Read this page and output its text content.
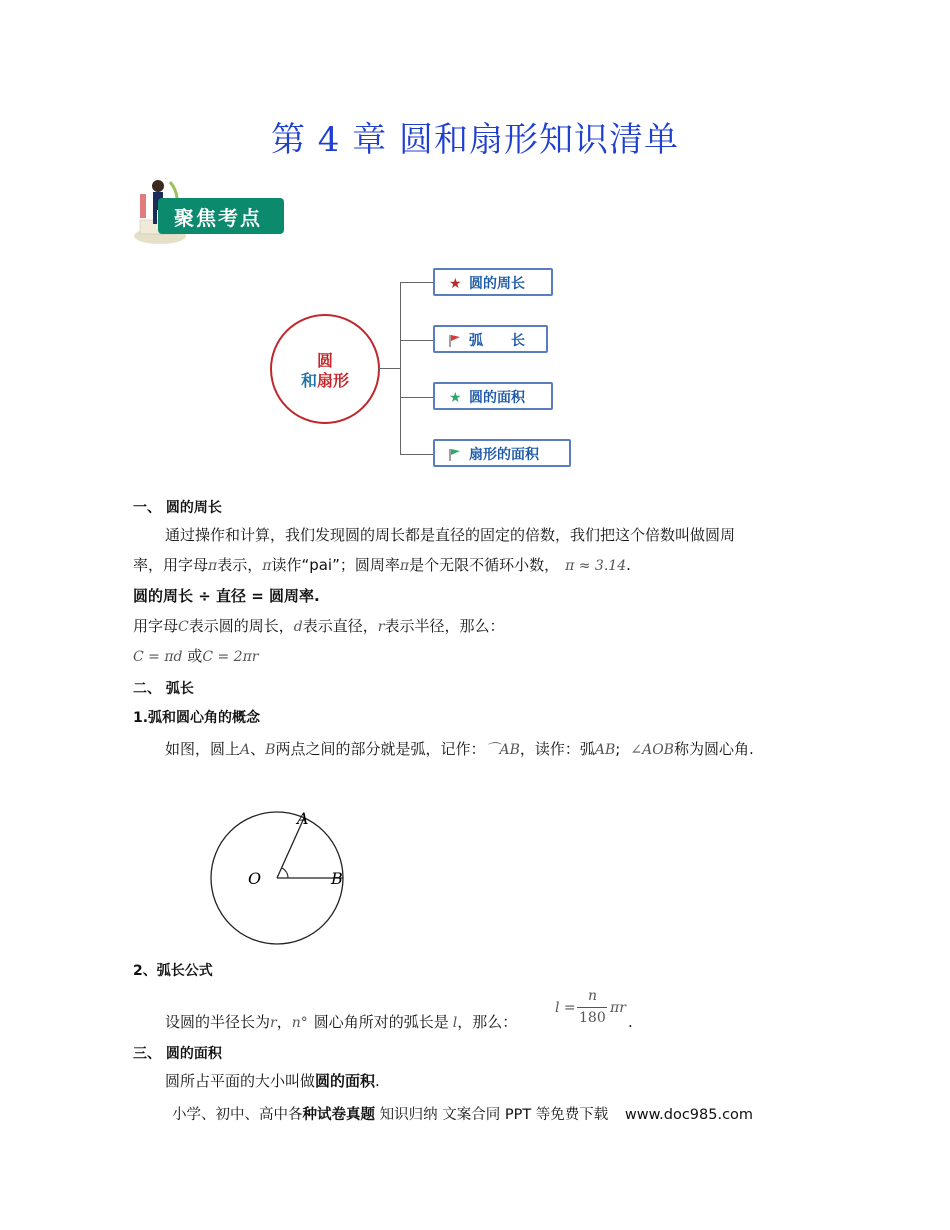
第 4 章 圆和扇形知识清单
聚焦考点
圆
和扇形
★ 圆的周长
弧　　长
★ 圆的面积
扇形的面积
一、 圆的周长
通过操作和计算，我们发现圆的周长都是直径的固定的倍数，我们把这个倍数叫做圆周
率，用字母π表示，π读作“pai”；圆周率π是个无限不循环小数， π ≈ 3.14.
圆的周长 ÷ 直径 = 圆周率.
用字母C表示圆的周长，d表示直径，r表示半径，那么：
C = πd 或C = 2πr
二、 弧长
1.弧和圆心角的概念
如图，圆上A、B两点之间的部分就是弧，记作：⌒AB，读作：弧AB; ∠AOB称为圆心角.
A
O	B
2、弧长公式
设圆的半径长为r，n° 圆心角所对的弧长是 l，那么：
l =
n
180
πr
.
三、 圆的面积
圆所占平面的大小叫做圆的面积.
小学、初中、高中各种试卷真题 知识归纳 文案合同 PPT 等免费下载 www.doc985.com
